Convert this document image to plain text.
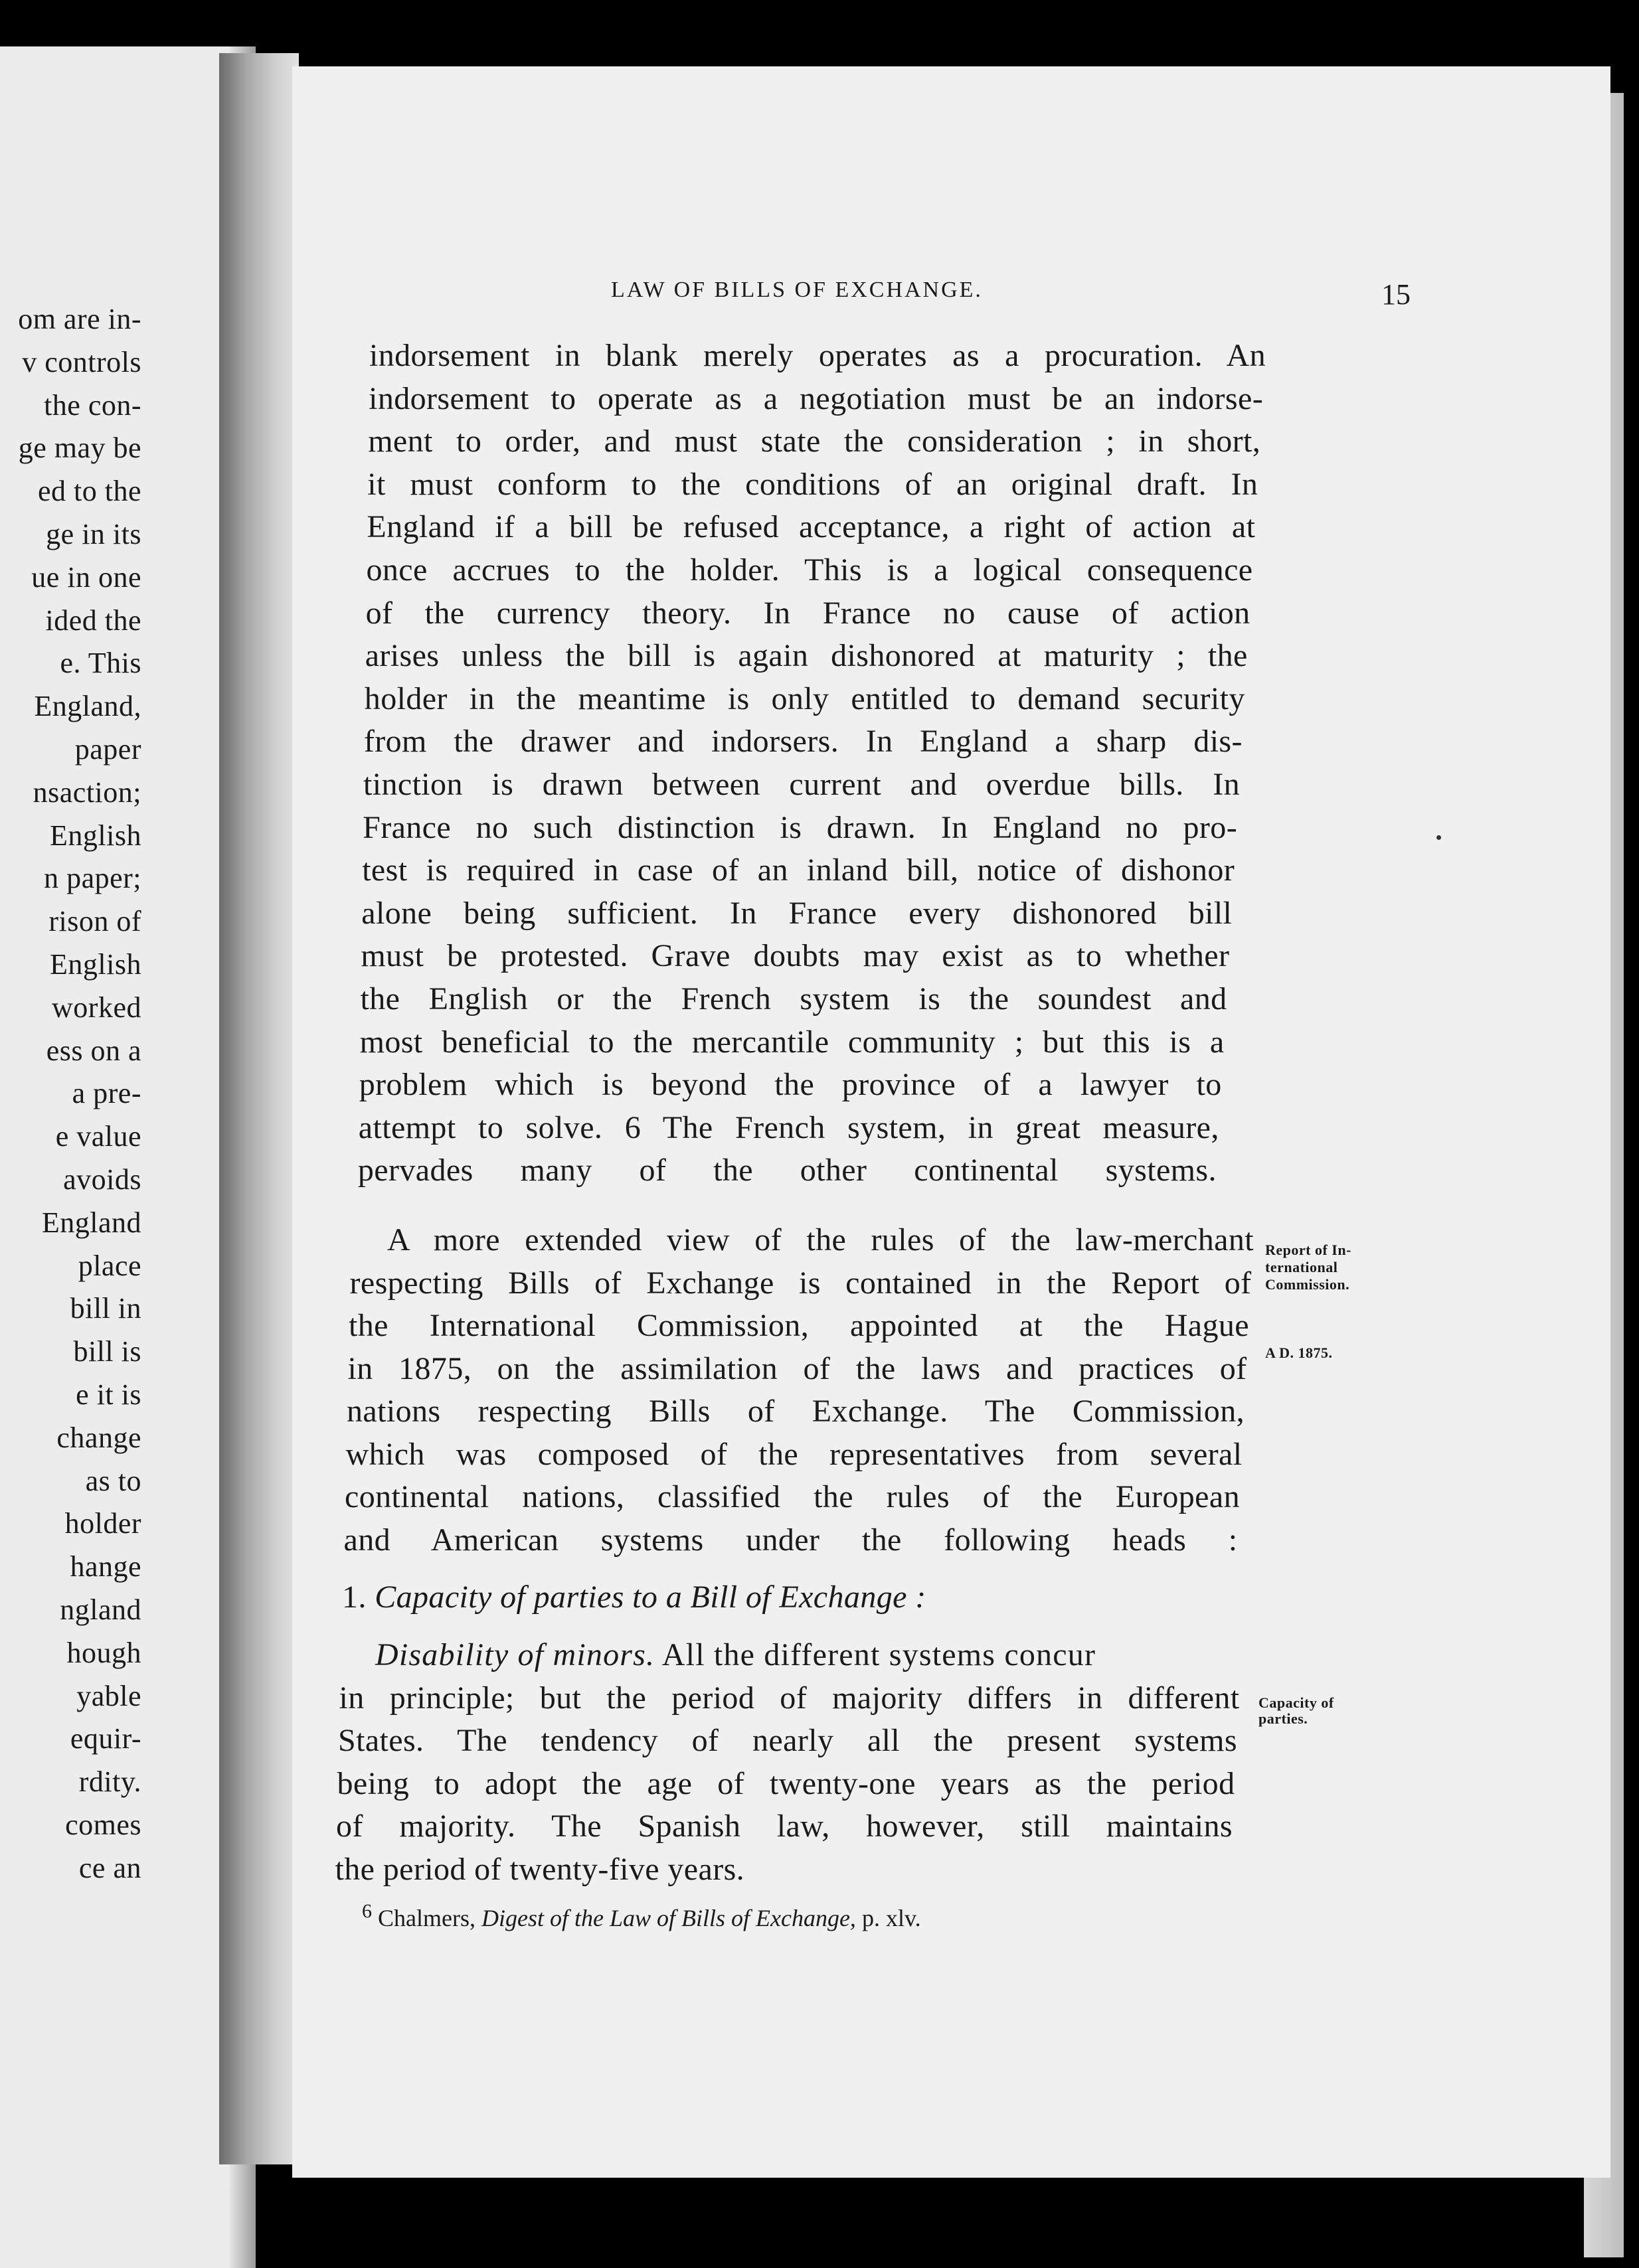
om are in-
v controls
the con-
ge may be
ed to the
ge in its
ue in one
ided the
e. This
England,
paper
nsaction;
English
n paper;
rison of
English
worked
ess on a
a pre-
e value
avoids
England
place
bill in
bill is
e it is
change
as to
holder
hange
ngland
hough
yable
equir-
rdity.
comes
ce an
LAW OF BILLS OF EXCHANGE.	15
indorsement in blank merely operates as a procuration. An
indorsement to operate as a negotiation must be an indorse-
ment to order, and must state the consideration ; in short,
it must conform to the conditions of an original draft. In
England if a bill be refused acceptance, a right of action at
once accrues to the holder. This is a logical consequence
of the currency theory. In France no cause of action
arises unless the bill is again dishonored at maturity ; the
holder in the meantime is only entitled to demand security
from the drawer and indorsers. In England a sharp dis-
tinction is drawn between current and overdue bills. In
France no such distinction is drawn. In England no pro-
test is required in case of an inland bill, notice of dishonor
alone being sufficient. In France every dishonored bill
must be protested. Grave doubts may exist as to whether
the English or the French system is the soundest and
most beneficial to the mercantile community ; but this is a
problem which is beyond the province of a lawyer to
attempt to solve. 6 The French system, in great measure,
pervades many of the other continental systems.
A more extended view of the rules of the law-merchant
respecting Bills of Exchange is contained in the Report of
the International Commission, appointed at the Hague
in 1875, on the assimilation of the laws and practices of
nations respecting Bills of Exchange. The Commission,
which was composed of the representatives from several
continental nations, classified the rules of the European
and American systems under the following heads :
1. Capacity of parties to a Bill of Exchange :
Disability of minors. All the different systems concur
in principle; but the period of majority differs in different
States. The tendency of nearly all the present systems
being to adopt the age of twenty-one years as the period
of majority. The Spanish law, however, still maintains
the period of twenty-five years.
Report of In-
ternational
Commission.
A D. 1875.
Capacity of
parties.
$^6$ Chalmers, Digest of the Law of Bills of Exchange, p. xlv.
